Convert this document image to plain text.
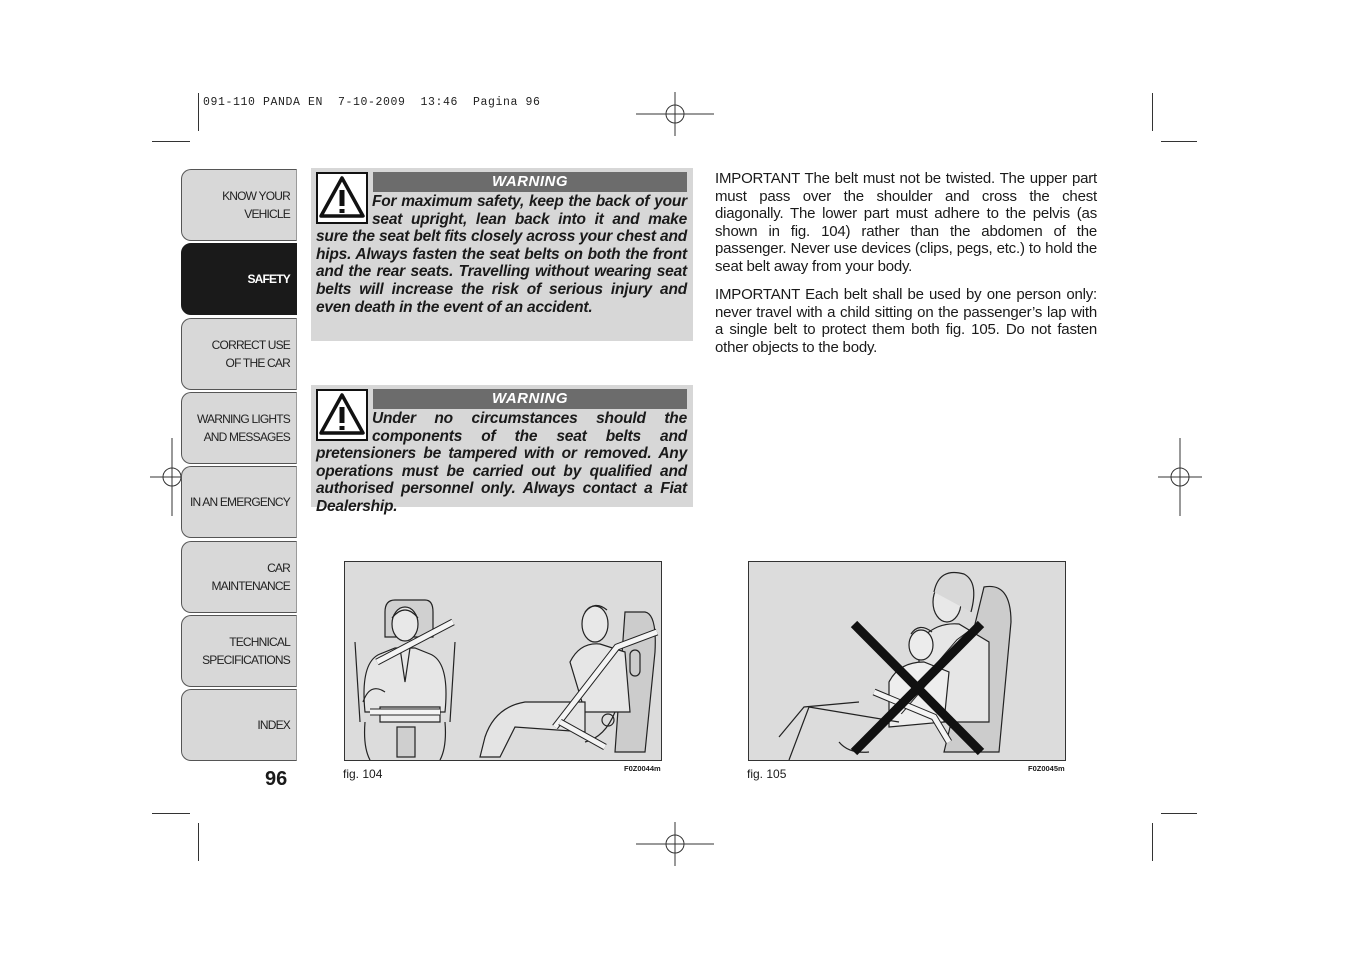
091-110 PANDA EN  7-10-2009  13:46  Pagina 96
KNOW YOUR
VEHICLE
SAFETY
CORRECT USE
OF THE CAR
WARNING LIGHTS
AND MESSAGES
IN AN EMERGENCY
CAR
MAINTENANCE
TECHNICAL
SPECIFICATIONS
INDEX
96
WARNING
For maximum safety, keep the back of your seat upright, lean back into it and make sure the seat belt fits closely across your chest and hips. Always fasten the seat belts on both the front and the rear seats. Travelling without wearing seat belts will increase the risk of serious injury and even death in the event of an accident.
WARNING
Under no circumstances should the components of the seat belts and pretensioners be tampered with or removed. Any operations must be carried out by qualified and authorised personnel only. Always contact a Fiat Dealership.
IMPORTANT The belt must not be twisted. The upper part must pass over the shoulder and cross the chest diagonally. The lower part must adhere to the pelvis (as shown in fig. 104) rather than the abdomen of the passenger. Never use devices (clips, pegs, etc.) to hold the seat belt away from your body.
IMPORTANT Each belt shall be used by one person only: never travel with a child sitting on the passenger’s lap with a single belt to protect them both fig. 105. Do not fasten other objects to the body.
fig. 104	F0Z0044m	fig. 105	F0Z0045m
